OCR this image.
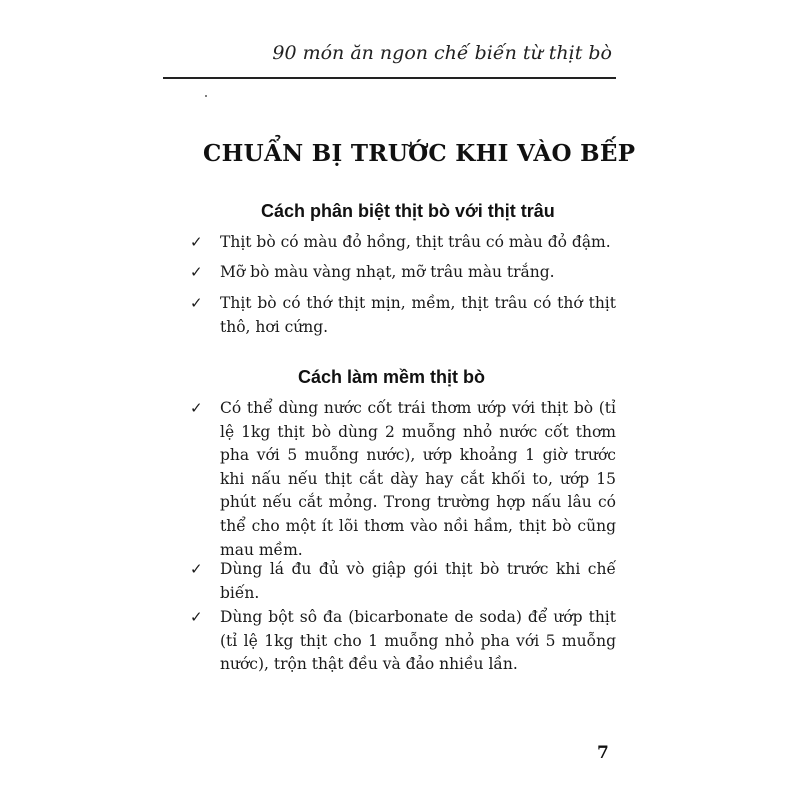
90 món ăn ngon chế biến từ thịt bò
CHUẨN BỊ TRƯỚC KHI VÀO BẾP
Cách phân biệt thịt bò với thịt trâu
✓	Thịt bò có màu đỏ hồng, thịt trâu có màu đỏ đậm.
✓	Mỡ bò màu vàng nhạt, mỡ trâu màu trắng.
✓	Thịt bò có thớ thịt mịn, mềm, thịt trâu có thớ thịt thô, hơi cứng.
Cách làm mềm thịt bò
✓	Có thể dùng nước cốt trái thơm ướp với thịt bò (tỉ lệ 1kg thịt bò dùng 2 muỗng nhỏ nước cốt thơm pha với 5 muỗng nước), ướp khoảng 1 giờ trước khi nấu nếu thịt cắt dày hay cắt khối to, ướp 15 phút nếu cắt mỏng. Trong trường hợp nấu lâu có thể cho một ít lõi thơm vào nồi hầm, thịt bò cũng mau mềm.
✓	Dùng lá đu đủ vò giập gói thịt bò trước khi chế biến.
✓	Dùng bột sô đa (bicarbonate de soda) để ướp thịt (tỉ lệ 1kg thịt cho 1 muỗng nhỏ pha với 5 muỗng nước), trộn thật đều và đảo nhiều lần.
7
